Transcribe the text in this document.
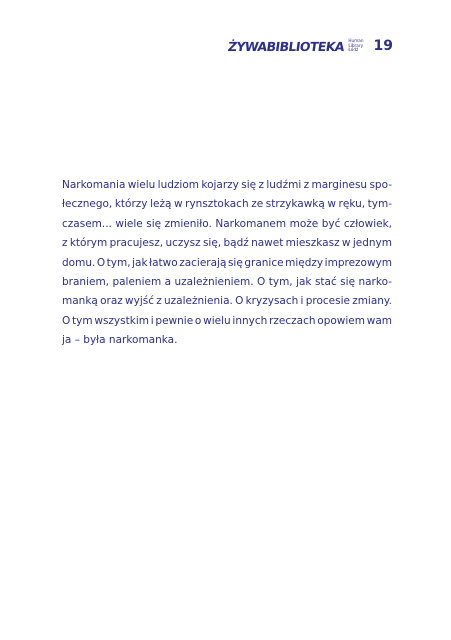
ŻYWABIBLIOTEKA Human
Library
Łódź	19

Narkomania wielu ludziom kojarzy się z ludźmi z marginesu spo-
łecznego, którzy leżą w rynsztokach ze strzykawką w ręku, tym-
czasem... wiele się zmieniło. Narkomanem może być człowiek,
z którym pracujesz, uczysz się, bądź nawet mieszkasz w jednym
domu. O tym, jak łatwo zacierają się granice między imprezowym
braniem, paleniem a uzależnieniem. O tym, jak stać się narko-
manką oraz wyjść z uzależnienia. O kryzysach i procesie zmiany.
O tym wszystkim i pewnie o wielu innych rzeczach opowiem wam
ja – była narkomanka.
